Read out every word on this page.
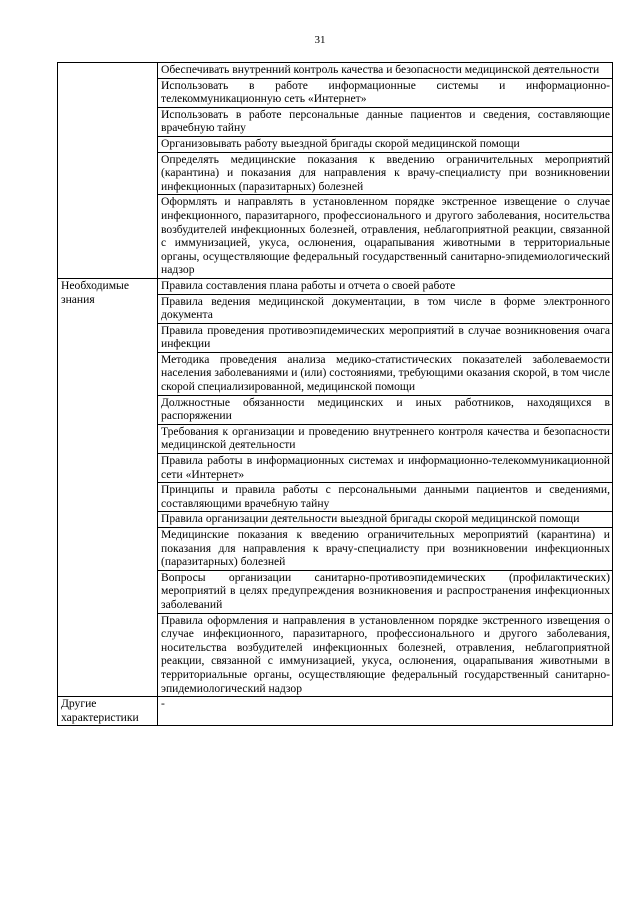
31

	Обеспечивать внутренний контроль качества и безопасности медицинской деятельности

	Использовать в работе информационные системы и информационно-телекоммуникационную сеть «Интернет»

	Использовать в работе персональные данные пациентов и сведения, составляющие врачебную тайну

	Организовывать работу выездной бригады скорой медицинской помощи

	Определять медицинские показания к введению ограничительных мероприятий (карантина) и показания для направления к врачу-специалисту при возникновении инфекционных (паразитарных) болезней

	Оформлять и направлять в установленном порядке экстренное извещение о случае инфекционного, паразитарного, профессионального и другого заболевания, носительства возбудителей инфекционных болезней, отравления, неблагоприятной реакции, связанной с иммунизацией, укуса, ослюнения, оцарапывания животными в территориальные органы, осуществляющие федеральный государственный санитарно-эпидемиологический надзор

Необходимые знания	Правила составления плана работы и отчета о своей работе

	Правила ведения медицинской документации, в том числе в форме электронного документа

	Правила проведения противоэпидемических мероприятий в случае возникновения очага инфекции

	Методика проведения анализа медико-статистических показателей заболеваемости населения заболеваниями и (или) состояниями, требующими оказания скорой, в том числе скорой специализированной, медицинской помощи

	Должностные обязанности медицинских и иных работников, находящихся в распоряжении

	Требования к организации и проведению внутреннего контроля качества и безопасности медицинской деятельности

	Правила работы в информационных системах и информационно-телекоммуникационной сети «Интернет»

	Принципы и правила работы с персональными данными пациентов и сведениями, составляющими врачебную тайну

	Правила организации деятельности выездной бригады скорой медицинской помощи

	Медицинские показания к введению ограничительных мероприятий (карантина) и показания для направления к врачу-специалисту при возникновении инфекционных (паразитарных) болезней

	Вопросы организации санитарно-противоэпидемических (профилактических) мероприятий в целях предупреждения возникновения и распространения инфекционных заболеваний

	Правила оформления и направления в установленном порядке экстренного извещения о случае инфекционного, паразитарного, профессионального и другого заболевания, носительства возбудителей инфекционных болезней, отравления, неблагоприятной реакции, связанной с иммунизацией, укуса, ослюнения, оцарапывания животными в территориальные органы, осуществляющие федеральный государственный санитарно-эпидемиологический надзор

Другие характеристики	-
